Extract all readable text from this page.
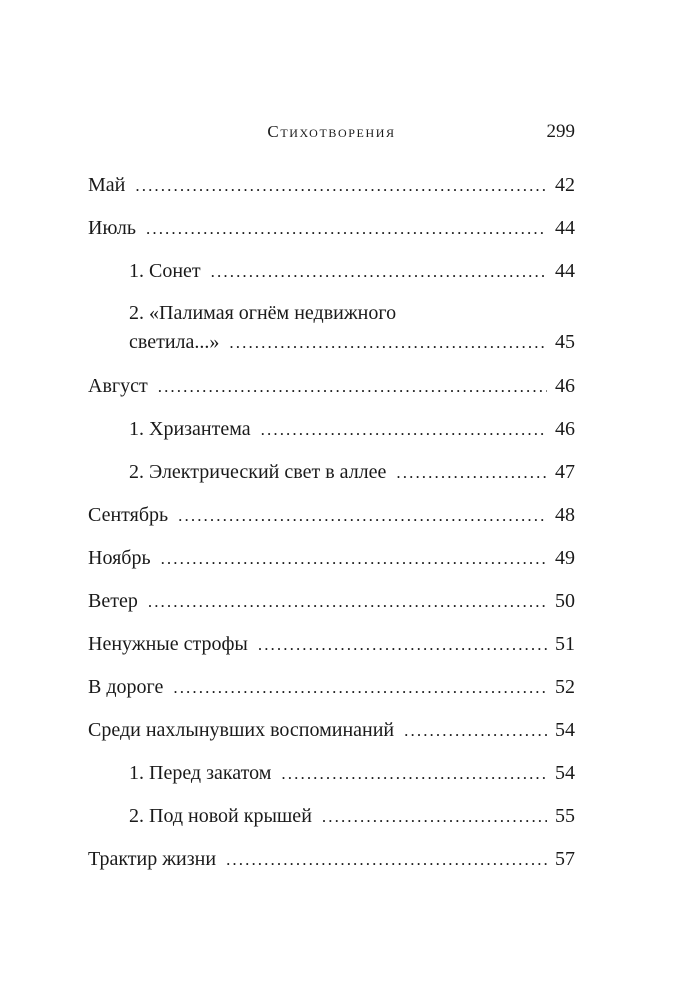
Стихотворения	299
Май .....	42
Июль .....	44
1. Сонет .....	44
2. «Палимая огнём недвижного
светила...» .....	45
Август .....	46
1. Хризантема .....	46
2. Электрический свет в аллее .....	47
Сентябрь .....	48
Ноябрь .....	49
Ветер .....	50
Ненужные строфы .....	51
В дороге .....	52
Среди нахлынувших воспоминаний .....	54
1. Перед закатом .....	54
2. Под новой крышей .....	55
Трактир жизни .....	57
